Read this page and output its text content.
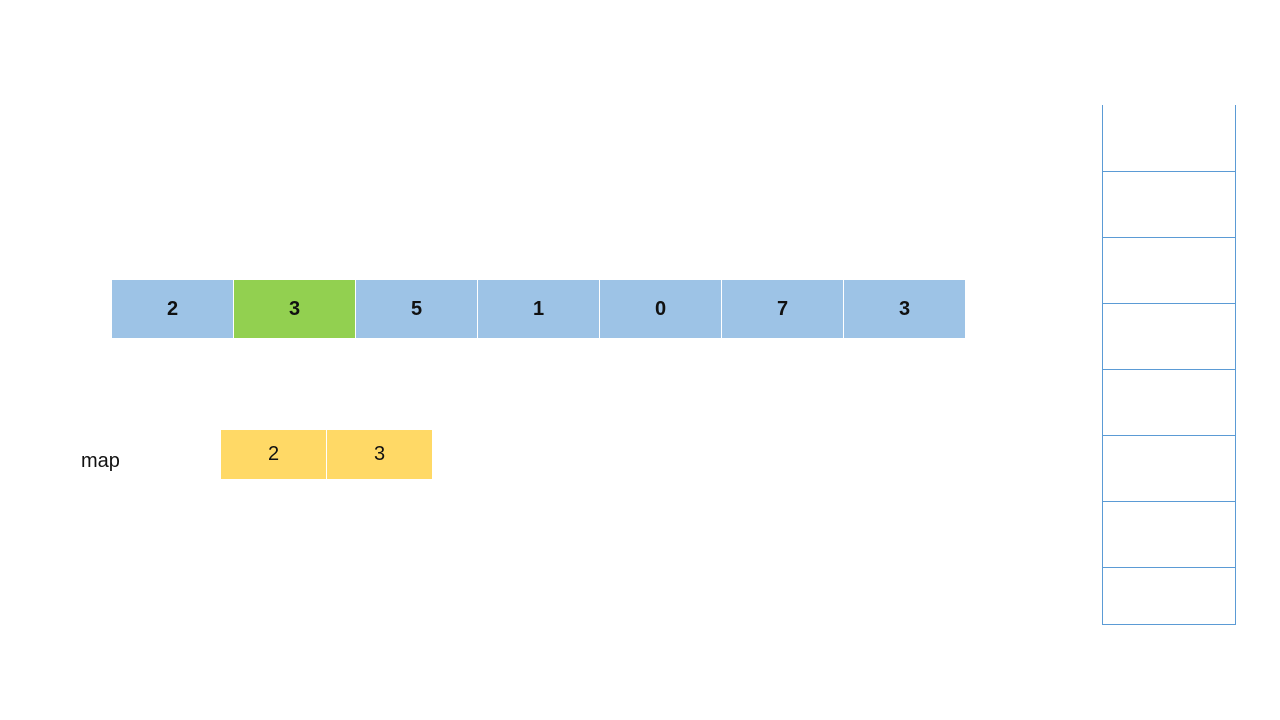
2	3	5	1	0	7	3
map	2	3
